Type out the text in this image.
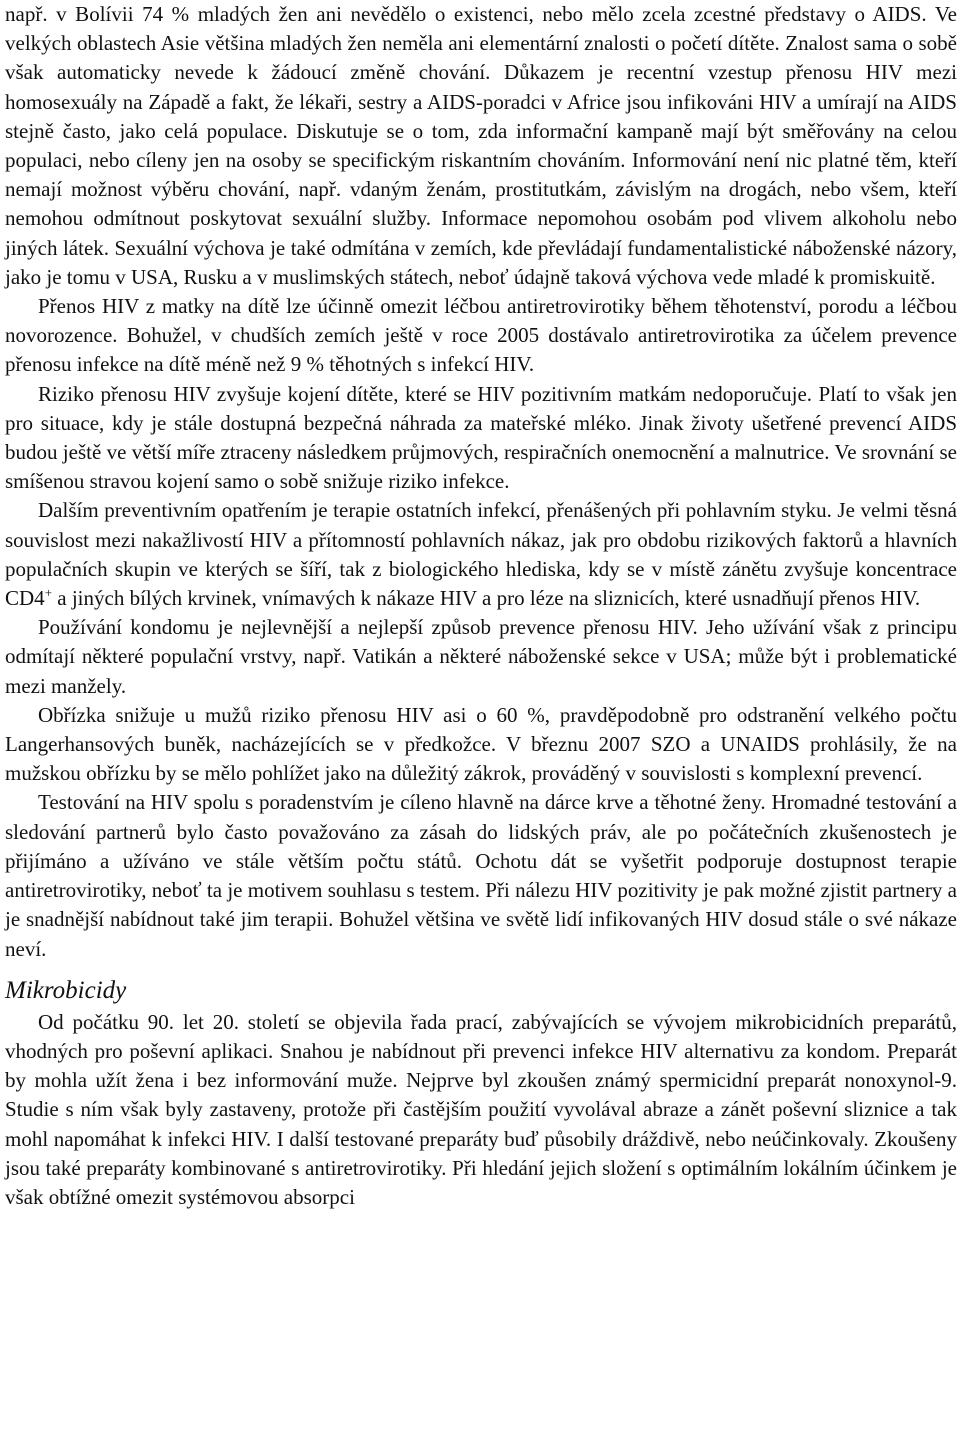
např. v Bolívii 74 % mladých žen ani nevědělo o existenci, nebo mělo zcela zcestné představy o AIDS. Ve velkých oblastech Asie většina mladých žen neměla ani elementární znalosti o početí dítěte. Znalost sama o sobě však automaticky nevede k žádoucí změně chování. Důkazem je recentní vzestup přenosu HIV mezi homosexuály na Západě a fakt, že lékaři, sestry a AIDS-poradci v Africe jsou infikováni HIV a umírají na AIDS stejně často, jako celá populace. Diskutuje se o tom, zda informační kampaně mají být směřovány na celou populaci, nebo cíleny jen na osoby se specifickým riskantním chováním. Informování není nic platné těm, kteří nemají možnost výběru chování, např. vdaným ženám, prostitutkám, závislým na drogách, nebo všem, kteří nemohou odmítnout poskytovat sexuální služby. Informace nepomohou osobám pod vlivem alkoholu nebo jiných látek. Sexuální výchova je také odmítána v zemích, kde převládají fundamentalistické náboženské názory, jako je tomu v USA, Rusku a v muslimských státech, neboť údajně taková výchova vede mladé k promiskuitě.

Přenos HIV z matky na dítě lze účinně omezit léčbou antiretrovirotiky během těhotenství, porodu a léčbou novorozence. Bohužel, v chudších zemích ještě v roce 2005 dostávalo antiretrovirotika za účelem prevence přenosu infekce na dítě méně než 9 % těhotných s infekcí HIV.

Riziko přenosu HIV zvyšuje kojení dítěte, které se HIV pozitivním matkám nedoporučuje. Platí to však jen pro situace, kdy je stále dostupná bezpečná náhrada za mateřské mléko. Jinak životy ušetřené prevencí AIDS budou ještě ve větší míře ztraceny následkem průjmových, respiračních onemocnění a malnutrice. Ve srovnání se smíšenou stravou kojení samo o sobě snižuje riziko infekce.

Dalším preventivním opatřením je terapie ostatních infekcí, přenášených při pohlavním styku. Je velmi těsná souvislost mezi nakažlivostí HIV a přítomností pohlavních nákaz, jak pro obdobu rizikových faktorů a hlavních populačních skupin ve kterých se šíří, tak z biologického hlediska, kdy se v místě zánětu zvyšuje koncentrace CD4+ a jiných bílých krvinek, vnímavých k nákaze HIV a pro léze na sliznicích, které usnadňují přenos HIV.

Používání kondomu je nejlevnější a nejlepší způsob prevence přenosu HIV. Jeho užívání však z principu odmítají některé populační vrstvy, např. Vatikán a některé náboženské sekce v USA; může být i problematické mezi manžely.

Obřízka snižuje u mužů riziko přenosu HIV asi o 60 %, pravděpodobně pro odstranění velkého počtu Langerhansových buněk, nacházejících se v předkožce. V březnu 2007 SZO a UNAIDS prohlásily, že na mužskou obřízku by se mělo pohlížet jako na důležitý zákrok, prováděný v souvislosti s komplexní prevencí.

Testování na HIV spolu s poradenstvím je cíleno hlavně na dárce krve a těhotné ženy. Hromadné testování a sledování partnerů bylo často považováno za zásah do lidských práv, ale po počátečních zkušenostech je přijímáno a užíváno ve stále větším počtu států. Ochotu dát se vyšetřit podporuje dostupnost terapie antiretrovirotiky, neboť ta je motivem souhlasu s testem. Při nálezu HIV pozitivity je pak možné zjistit partnery a je snadnější nabídnout také jim terapii. Bohužel většina ve světě lidí infikovaných HIV dosud stále o své nákaze neví.

Mikrobicidy

Od počátku 90. let 20. století se objevila řada prací, zabývajících se vývojem mikrobicidních preparátů, vhodných pro poševní aplikaci. Snahou je nabídnout při prevenci infekce HIV alternativu za kondom. Preparát by mohla užít žena i bez informování muže. Nejprve byl zkoušen známý spermicidní preparát nonoxynol-9. Studie s ním však byly zastaveny, protože při častějším použití vyvolával abraze a zánět poševní sliznice a tak mohl napomáhat k infekci HIV. I další testované preparáty buď působily dráždivě, nebo neúčinkovaly. Zkoušeny jsou také preparáty kombinované s antiretrovirotiky. Při hledání jejich složení s optimálním lokálním účinkem je však obtížné omezit systémovou absorpci
